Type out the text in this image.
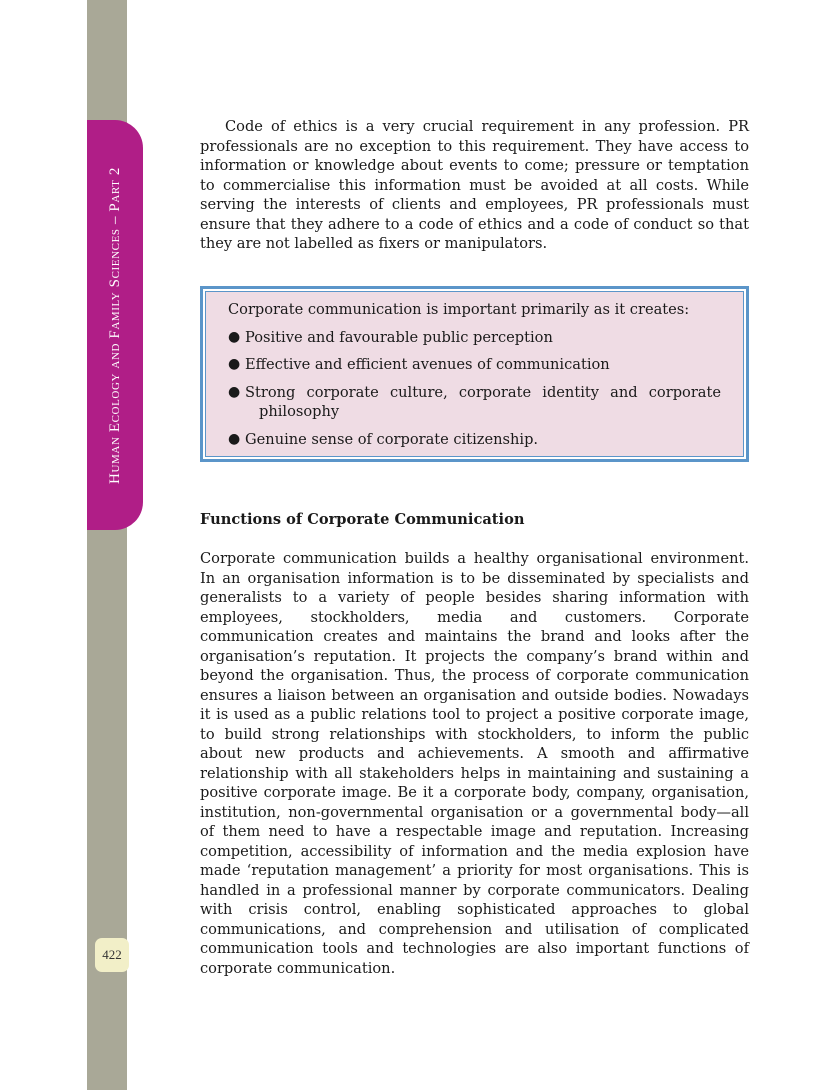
Human Ecology and Family Sciences – Part 2
422

Code of ethics is a very crucial requirement in any profession. PR professionals are no exception to this requirement. They have access to information or knowledge about events to come; pressure or temptation to commercialise this information must be avoided at all costs. While serving the interests of clients and employees, PR professionals must ensure that they adhere to a code of ethics and a code of conduct so that they are not labelled as fixers or manipulators.

Corporate communication is important primarily as it creates:

● Positive and favourable public perception
● Effective and efficient avenues of communication
● Strong corporate culture, corporate identity and corporate
philosophy
● Genuine sense of corporate citizenship.
Functions of Corporate Communication

Corporate communication builds a healthy organisational environment. In an organisation information is to be disseminated by specialists and generalists to a variety of people besides sharing information with employees, stockholders, media and customers. Corporate communication creates and maintains the brand and looks after the organisation’s reputation. It projects the company’s brand within and beyond the organisation. Thus, the process of corporate communication ensures a liaison between an organisation and outside bodies. Nowadays it is used as a public relations tool to project a positive corporate image, to build strong relationships with stockholders, to inform the public about new products and achievements. A smooth and affirmative relationship with all stakeholders helps in maintaining and sustaining a positive corporate image. Be it a corporate body, company, organisation, institution, non-governmental organisation or a governmental body—all of them need to have a respectable image and reputation. Increasing competition, accessibility of information and the media explosion have made ‘reputation management’ a priority for most organisations. This is handled in a professional manner by corporate communicators. Dealing with crisis control, enabling sophisticated approaches to global communications, and comprehension and utilisation of complicated communication tools and technologies are also important functions of corporate communication.
